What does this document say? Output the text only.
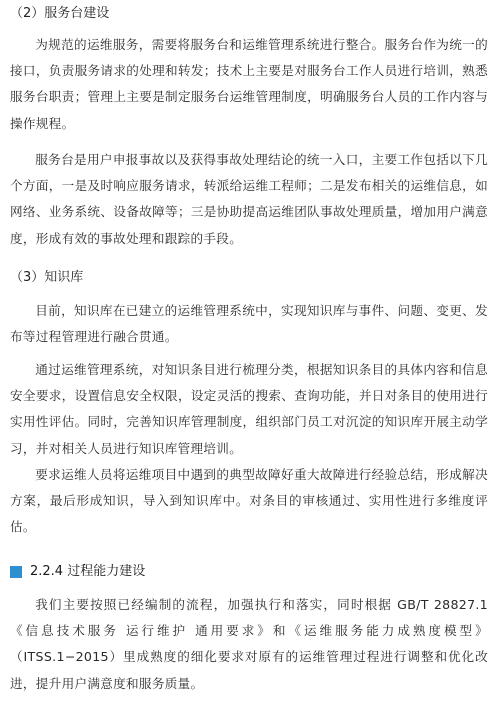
（2）服务台建设

为规范的运维服务，需要将服务台和运维管理系统进行整合。服务台作为统一的接口，负责服务请求的处理和转发；技术上主要是对服务台工作人员进行培训，熟悉服务台职责；管理上主要是制定服务台运维管理制度，明确服务台人员的工作内容与操作规程。

服务台是用户申报事故以及获得事故处理结论的统一入口，主要工作包括以下几个方面，一是及时响应服务请求，转派给运维工程师；二是发布相关的运维信息，如网络、业务系统、设备故障等；三是协助提高运维团队事故处理质量，增加用户满意度，形成有效的事故处理和跟踪的手段。

（3）知识库

目前，知识库在已建立的运维管理系统中，实现知识库与事件、问题、变更、发布等过程管理进行融合贯通。

通过运维管理系统，对知识条目进行梳理分类，根据知识条目的具体内容和信息安全要求，设置信息安全权限，设定灵活的搜索、查询功能，并日对条目的使用进行实用性评估。同时，完善知识库管理制度，组织部门员工对沉淀的知识库开展主动学习，并对相关人员进行知识库管理培训。

要求运维人员将运维项目中遇到的典型故障好重大故障进行经验总结，形成解决方案，最后形成知识，导入到知识库中。对条目的审核通过、实用性进行多维度评估。

2.2.4 过程能力建设

我们主要按照已经编制的流程，加强执行和落实，同时根据 GB/T 28827.1《信息技术服务 运行维护 通用要求》和《运维服务能力成熟度模型》（ITSS.1−2015）里成熟度的细化要求对原有的运维管理过程进行调整和优化改进，提升用户满意度和服务质量。
